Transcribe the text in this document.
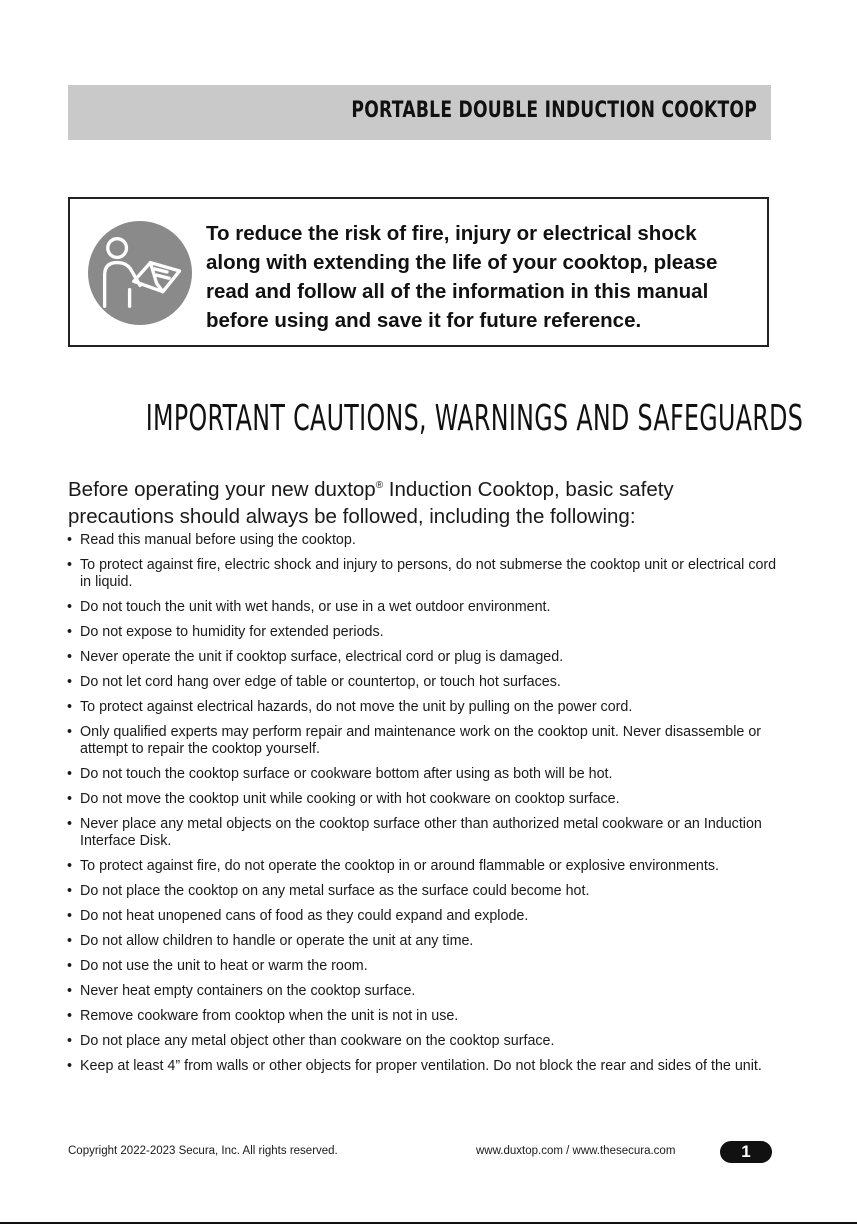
PORTABLE DOUBLE INDUCTION COOKTOP
To reduce the risk of fire, injury or electrical shock
along with extending the life of your cooktop, please
read and follow all of the information in this manual
before using and save it for future reference.
IMPORTANT CAUTIONS, WARNINGS AND SAFEGUARDS
Before operating your new duxtop® Induction Cooktop, basic safety
precautions should always be followed, including the following:
• Read this manual before using the cooktop.
• To protect against fire, electric shock and injury to persons, do not submerse the cooktop unit or electrical cord in liquid.
• Do not touch the unit with wet hands, or use in a wet outdoor environment.
• Do not expose to humidity for extended periods.
• Never operate the unit if cooktop surface, electrical cord or plug is damaged.
• Do not let cord hang over edge of table or countertop, or touch hot surfaces.
• To protect against electrical hazards, do not move the unit by pulling on the power cord.
• Only qualified experts may perform repair and maintenance work on the cooktop unit. Never disassemble or attempt to repair the cooktop yourself.
• Do not touch the cooktop surface or cookware bottom after using as both will be hot.
• Do not move the cooktop unit while cooking or with hot cookware on cooktop surface.
• Never place any metal objects on the cooktop surface other than authorized metal cookware or an Induction Interface Disk.
• To protect against fire, do not operate the cooktop in or around flammable or explosive environments.
• Do not place the cooktop on any metal surface as the surface could become hot.
• Do not heat unopened cans of food as they could expand and explode.
• Do not allow children to handle or operate the unit at any time.
• Do not use the unit to heat or warm the room.
• Never heat empty containers on the cooktop surface.
• Remove cookware from cooktop when the unit is not in use.
• Do not place any metal object other than cookware on the cooktop surface.
• Keep at least 4” from walls or other objects for proper ventilation. Do not block the rear and sides of the unit.
Copyright 2022-2023 Secura, Inc. All rights reserved.	www.duxtop.com / www.thesecura.com	1
